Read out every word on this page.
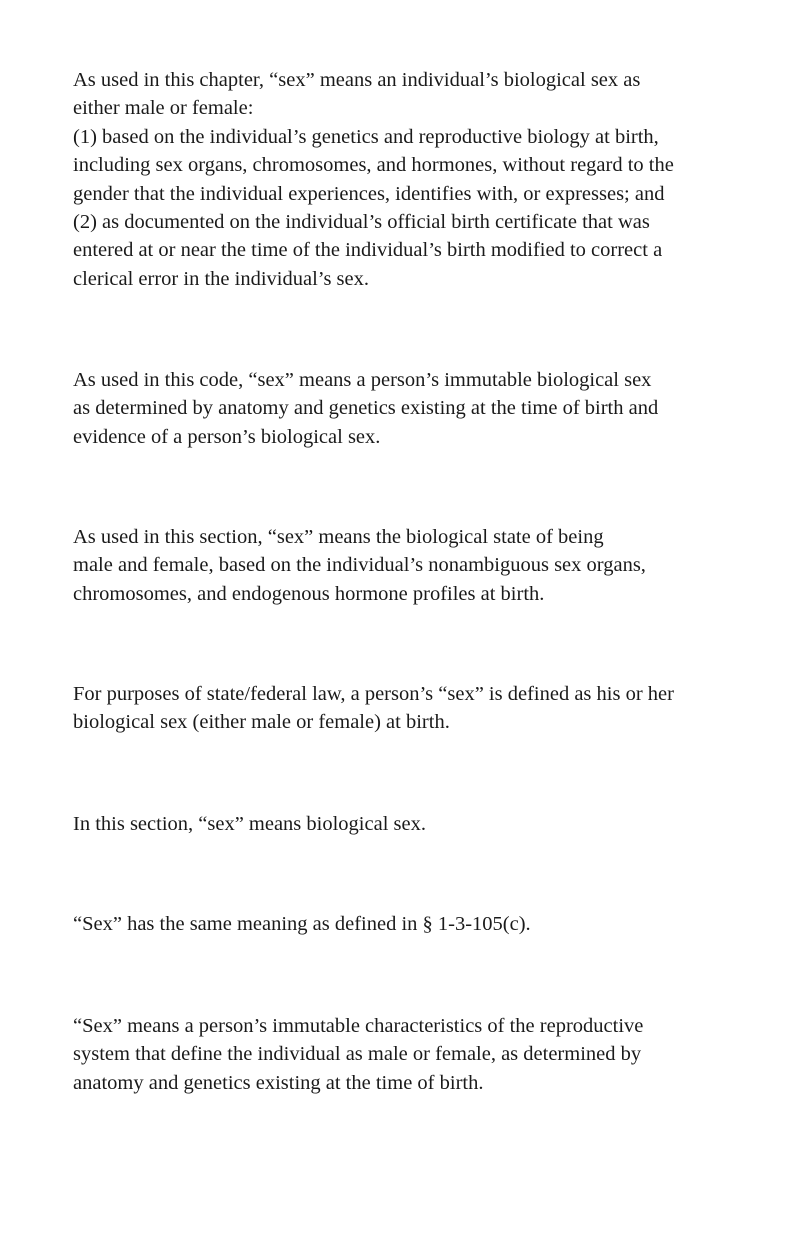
As used in this chapter, “sex” means an individual’s biological sex as
either male or female:
(1) based on the individual’s genetics and reproductive biology at birth,
including sex organs, chromosomes, and hormones, without regard to the
gender that the individual experiences, identifies with, or expresses; and
(2) as documented on the individual’s official birth certificate that was
entered at or near the time of the individual’s birth modified to correct a
clerical error in the individual’s sex.

As used in this code, “sex” means a person’s immutable biological sex
as determined by anatomy and genetics existing at the time of birth and
evidence of a person’s biological sex.

As used in this section, “sex” means the biological state of being
male and female, based on the individual’s nonambiguous sex organs,
chromosomes, and endogenous hormone profiles at birth.

For purposes of state/federal law, a person’s “sex” is defined as his or her
biological sex (either male or female) at birth.

In this section, “sex” means biological sex.

“Sex” has the same meaning as defined in § 1-3-105(c).

“Sex” means a person’s immutable characteristics of the reproductive
system that define the individual as male or female, as determined by
anatomy and genetics existing at the time of birth.
